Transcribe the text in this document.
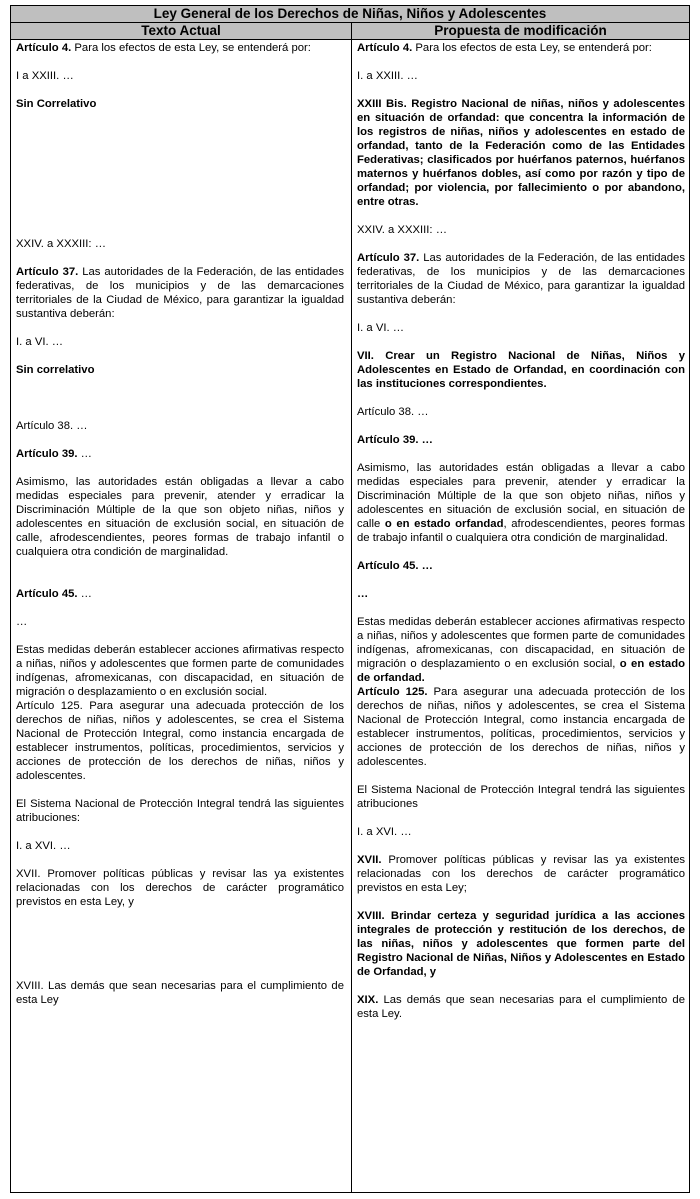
Ley General de los Derechos de Niñas, Niños y Adolescentes
Texto Actual	Propuesta de modificación

Artículo 4. Para los efectos de esta Ley, se entenderá por:

I a XXIII. …

Sin Correlativo

XXIV. a XXXIII: …

Artículo 37. Las autoridades de la Federación, de las entidades federativas, de los municipios y de las demarcaciones territoriales de la Ciudad de México, para garantizar la igualdad sustantiva deberán:

I. a VI. …

Sin correlativo

Artículo 38. …

Artículo 39. …

Asimismo, las autoridades están obligadas a llevar a cabo medidas especiales para prevenir, atender y erradicar la Discriminación Múltiple de la que son objeto niñas, niños y adolescentes en situación de exclusión social, en situación de calle, afrodescendientes, peores formas de trabajo infantil o cualquiera otra condición de marginalidad.

Artículo 45. …

…

Estas medidas deberán establecer acciones afirmativas respecto a niñas, niños y adolescentes que formen parte de comunidades indígenas, afromexicanas, con discapacidad, en situación de migración o desplazamiento o en exclusión social.

Artículo 125. Para asegurar una adecuada protección de los derechos de niñas, niños y adolescentes, se crea el Sistema Nacional de Protección Integral, como instancia encargada de establecer instrumentos, políticas, procedimientos, servicios y acciones de protección de los derechos de niñas, niños y adolescentes.

El Sistema Nacional de Protección Integral tendrá las siguientes atribuciones:

I. a XVI. …

XVII. Promover políticas públicas y revisar las ya existentes relacionadas con los derechos de carácter programático previstos en esta Ley, y

XVIII. Las demás que sean necesarias para el cumplimiento de esta Ley

Artículo 4. Para los efectos de esta Ley, se entenderá por:

I. a XXIII. …

XXIII Bis. Registro Nacional de niñas, niños y adolescentes en situación de orfandad: que concentra la información de los registros de niñas, niños y adolescentes en estado de orfandad, tanto de la Federación como de las Entidades Federativas; clasificados por huérfanos paternos, huérfanos maternos y huérfanos dobles, así como por razón y tipo de orfandad; por violencia, por fallecimiento o por abandono, entre otras.

XXIV. a XXXIII: …

Artículo 37. Las autoridades de la Federación, de las entidades federativas, de los municipios y de las demarcaciones territoriales de la Ciudad de México, para garantizar la igualdad sustantiva deberán:

I. a VI. …

VII. Crear un Registro Nacional de Niñas, Niños y Adolescentes en Estado de Orfandad, en coordinación con las instituciones correspondientes.

Artículo 38. …

Artículo 39. …

Asimismo, las autoridades están obligadas a llevar a cabo medidas especiales para prevenir, atender y erradicar la Discriminación Múltiple de la que son objeto niñas, niños y adolescentes en situación de exclusión social, en situación de calle o en estado orfandad, afrodescendientes, peores formas de trabajo infantil o cualquiera otra condición de marginalidad.

Artículo 45. …

…

Estas medidas deberán establecer acciones afirmativas respecto a niñas, niños y adolescentes que formen parte de comunidades indígenas, afromexicanas, con discapacidad, en situación de migración o desplazamiento o en exclusión social, o en estado de orfandad.

Artículo 125. Para asegurar una adecuada protección de los derechos de niñas, niños y adolescentes, se crea el Sistema Nacional de Protección Integral, como instancia encargada de establecer instrumentos, políticas, procedimientos, servicios y acciones de protección de los derechos de niñas, niños y adolescentes.

El Sistema Nacional de Protección Integral tendrá las siguientes atribuciones

I. a XVI. …

XVII. Promover políticas públicas y revisar las ya existentes relacionadas con los derechos de carácter programático previstos en esta Ley;

XVIII. Brindar certeza y seguridad jurídica a las acciones integrales de protección y restitución de los derechos, de las niñas, niños y adolescentes que formen parte del Registro Nacional de Niñas, Niños y Adolescentes en Estado de Orfandad, y

XIX. Las demás que sean necesarias para el cumplimiento de esta Ley.
